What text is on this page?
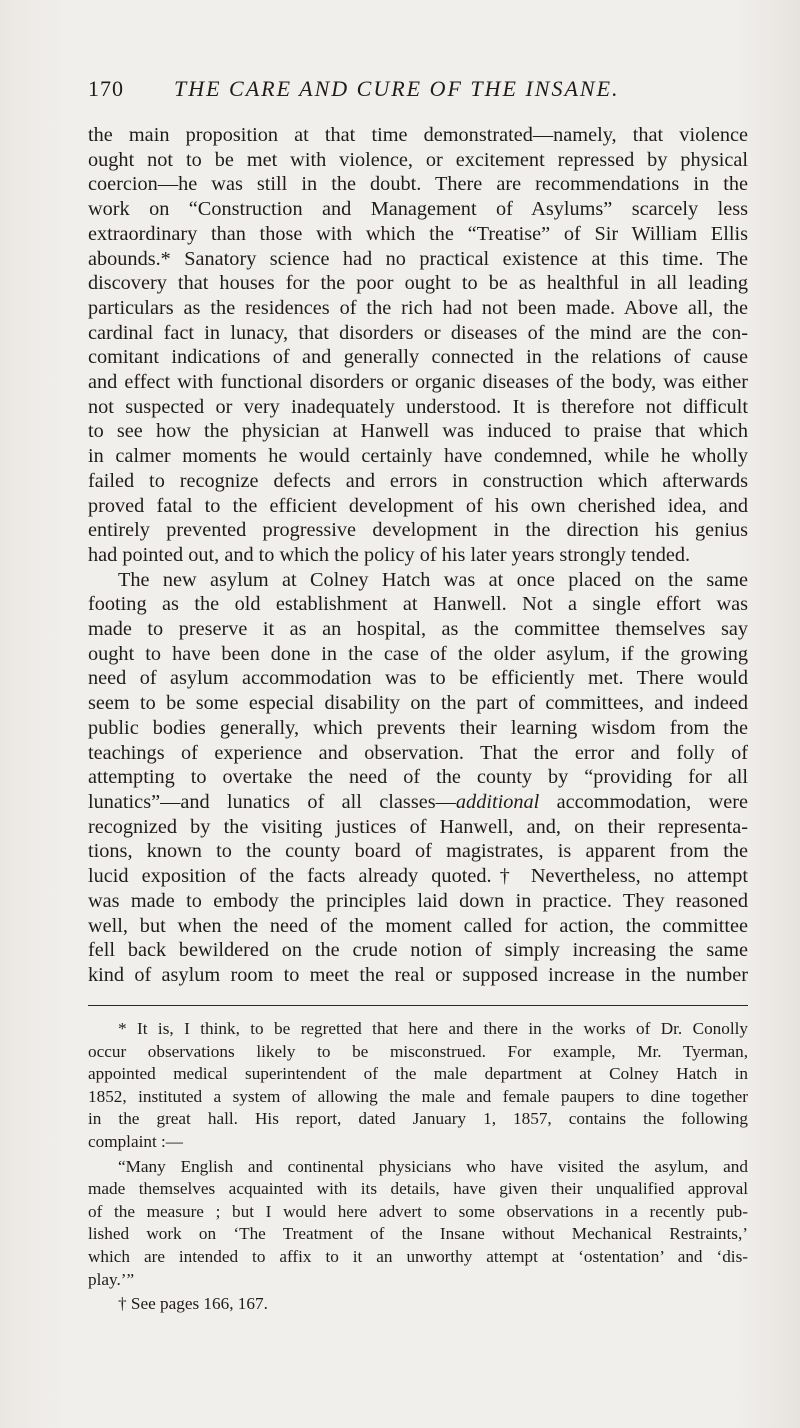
170 THE CARE AND CURE OF THE INSANE.
the main proposition at that time demonstrated—namely, that violence
ought not to be met with violence, or excitement repressed by physical
coercion—he was still in the doubt. There are recommendations in the
work on “Construction and Management of Asylums” scarcely less
extraordinary than those with which the “Treatise” of Sir William Ellis
abounds.* Sanatory science had no practical existence at this time. The
discovery that houses for the poor ought to be as healthful in all leading
particulars as the residences of the rich had not been made. Above all, the
cardinal fact in lunacy, that disorders or diseases of the mind are the con-
comitant indications of and generally connected in the relations of cause
and effect with functional disorders or organic diseases of the body, was either
not suspected or very inadequately understood. It is therefore not difficult
to see how the physician at Hanwell was induced to praise that which
in calmer moments he would certainly have condemned, while he wholly
failed to recognize defects and errors in construction which afterwards
proved fatal to the efficient development of his own cherished idea, and
entirely prevented progressive development in the direction his genius
had pointed out, and to which the policy of his later years strongly tended.
The new asylum at Colney Hatch was at once placed on the same
footing as the old establishment at Hanwell. Not a single effort was
made to preserve it as an hospital, as the committee themselves say
ought to have been done in the case of the older asylum, if the growing
need of asylum accommodation was to be efficiently met. There would
seem to be some especial disability on the part of committees, and indeed
public bodies generally, which prevents their learning wisdom from the
teachings of experience and observation. That the error and folly of
attempting to overtake the need of the county by “providing for all
lunatics”—and lunatics of all classes—additional accommodation, were
recognized by the visiting justices of Hanwell, and, on their representa-
tions, known to the county board of magistrates, is apparent from the
lucid exposition of the facts already quoted.† Nevertheless, no attempt
was made to embody the principles laid down in practice. They reasoned
well, but when the need of the moment called for action, the committee
fell back bewildered on the crude notion of simply increasing the same
kind of asylum room to meet the real or supposed increase in the number
* It is, I think, to be regretted that here and there in the works of Dr. Conolly
occur observations likely to be misconstrued. For example, Mr. Tyerman,
appointed medical superintendent of the male department at Colney Hatch in
1852, instituted a system of allowing the male and female paupers to dine together
in the great hall. His report, dated January 1, 1857, contains the following
complaint :—
“Many English and continental physicians who have visited the asylum, and
made themselves acquainted with its details, have given their unqualified approval
of the measure ; but I would here advert to some observations in a recently pub-
lished work on ‘The Treatment of the Insane without Mechanical Restraints,’
which are intended to affix to it an unworthy attempt at ‘ostentation’ and ‘dis-
play.’”
† See pages 166, 167.
